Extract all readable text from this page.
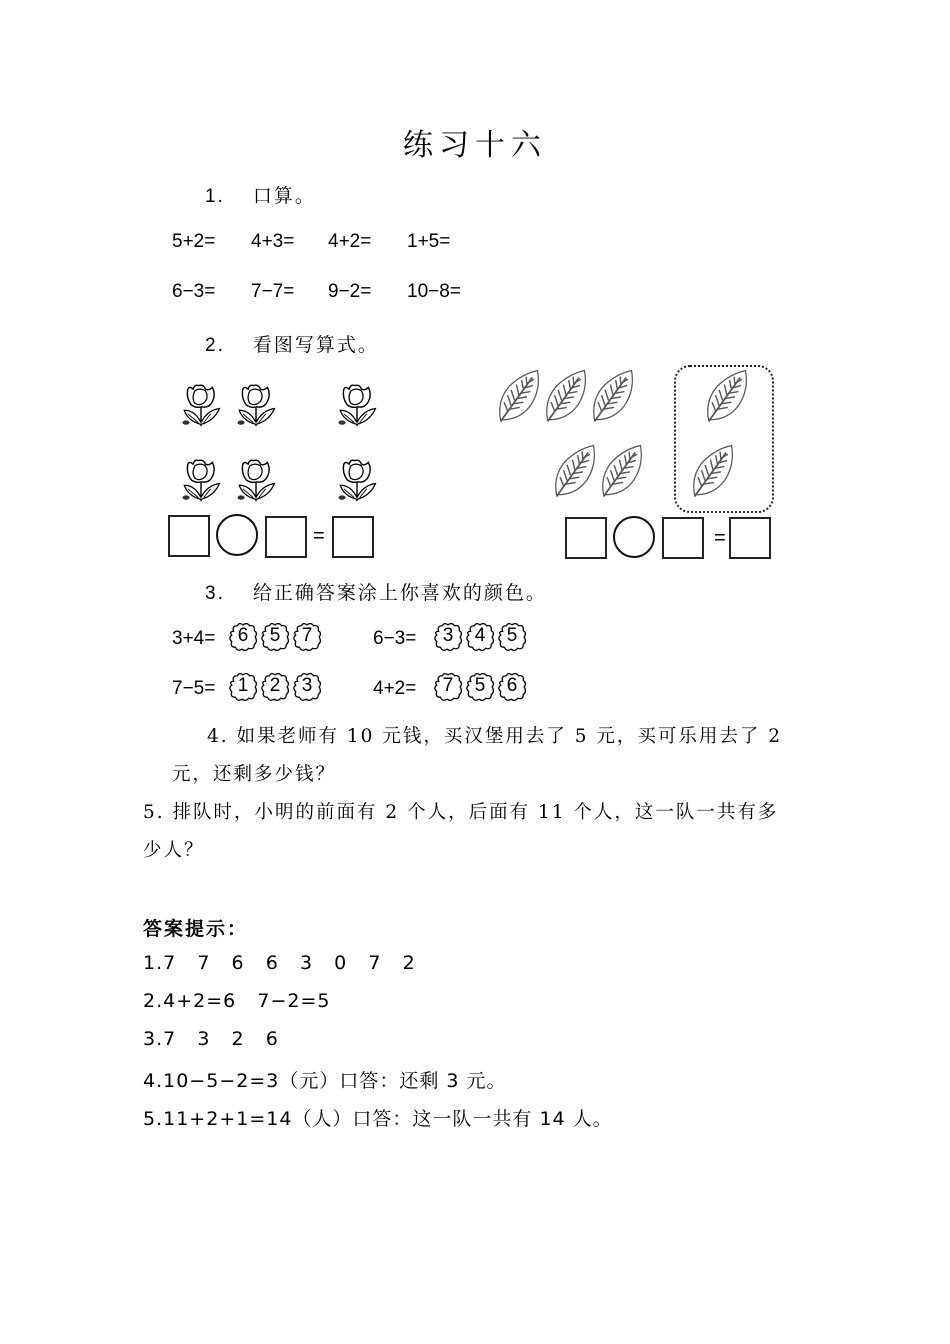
练习十六
1. 口算。
5+2= 4+3= 4+2= 1+5=
6−3= 7−7= 9−2= 10−8=
2. 看图写算式。
=	=
3. 给正确答案涂上你喜欢的颜色。
3+4=	6	5	7	6−3=	3	4	5
7−5=	1	2	3	4+2=	7	5	6
4. 如果老师有 10 元钱，买汉堡用去了 5 元，买可乐用去了 2
元，还剩多少钱？
5. 排队时，小明的前面有 2 个人，后面有 11 个人，这一队一共有多
少人？
答案提示：
1.7   7   6   6   3   0   7   2
2.4+2=6   7−2=5
3.7   3   2   6
4.10−5−2=3（元）口答：还剩 3 元。
5.11+2+1=14（人）口答：这一队一共有 14 人。
